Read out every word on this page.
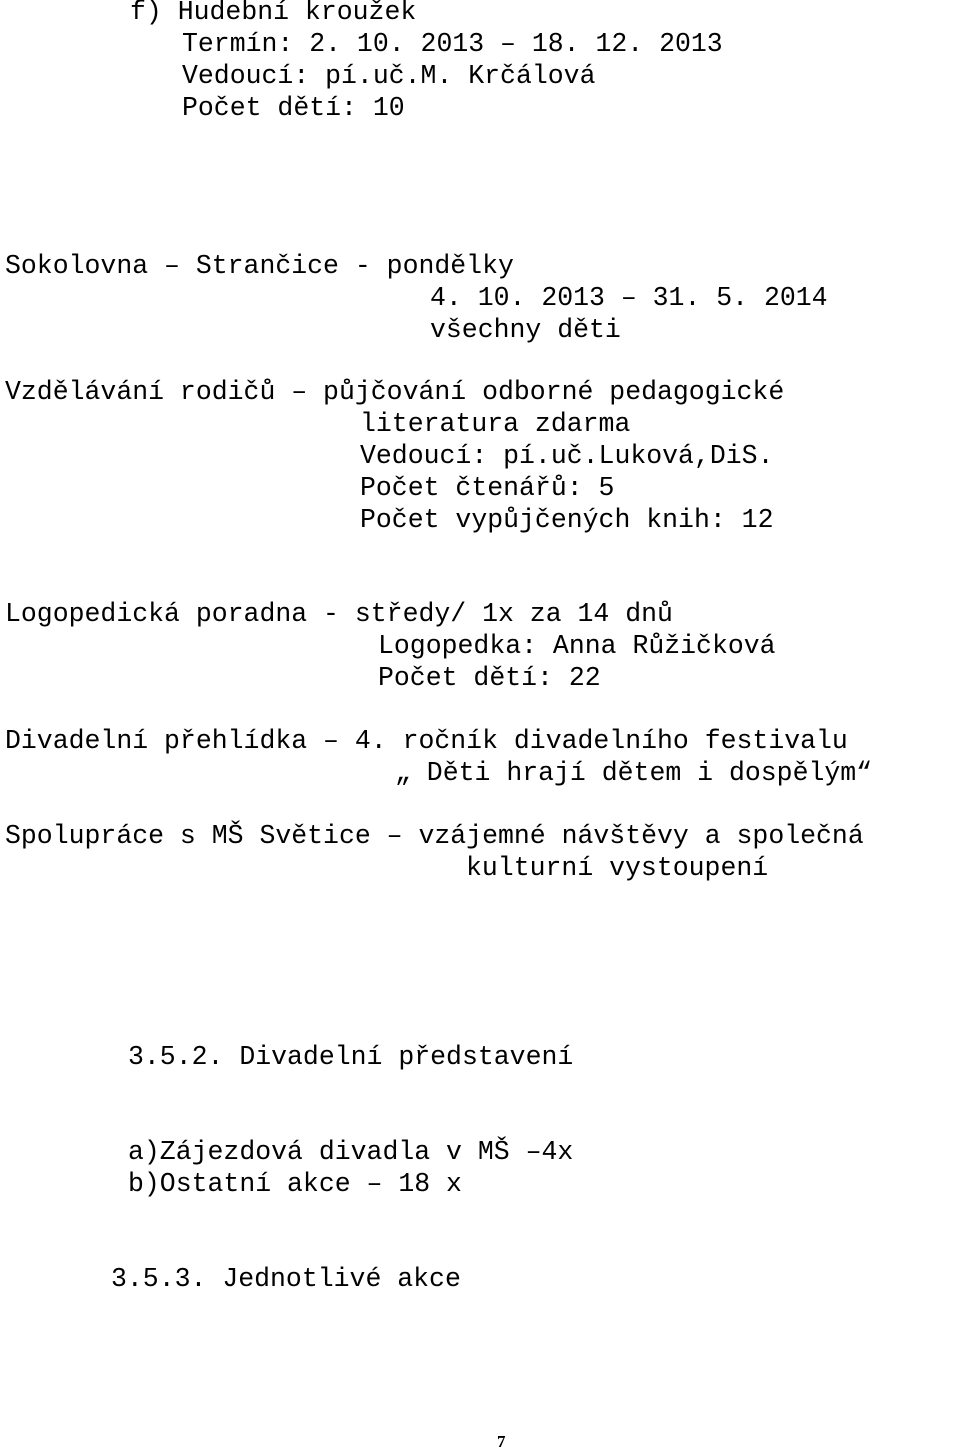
f) Hudební kroužek
Termín: 2. 10. 2013 – 18. 12. 2013
Vedoucí: pí.uč.M. Krčálová
Počet dětí: 10
Sokolovna – Strančice - pondělky
4. 10. 2013 – 31. 5. 2014
všechny děti
Vzdělávání rodičů – půjčování odborné pedagogické
literatura zdarma
Vedoucí: pí.uč.Luková,DiS.
Počet čtenářů: 5
Počet vypůjčených knih: 12
Logopedická poradna - středy/ 1x za 14 dnů
Logopedka: Anna Růžičková
Počet dětí: 22
Divadelní přehlídka – 4. ročník divadelního festivalu
„ Děti hrají dětem i dospělým“
Spolupráce s MŠ Světice – vzájemné návštěvy a společná
kulturní vystoupení
3.5.2. Divadelní představení
a)Zájezdová divadla v MŠ –4x
b)Ostatní akce – 18 x
3.5.3. Jednotlivé akce
7
